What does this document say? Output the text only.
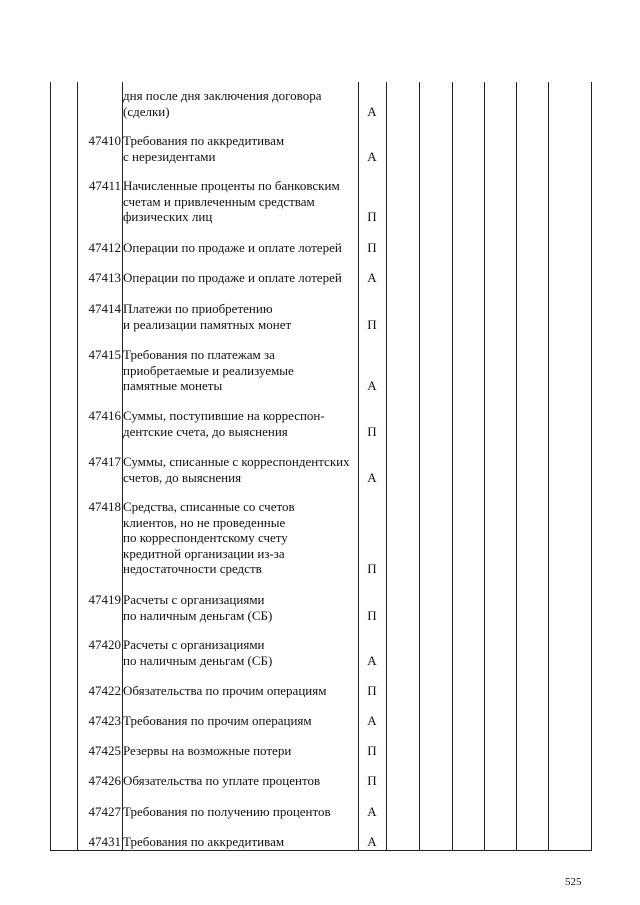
дня после дня заключения договора
(сделки)	А
47410 Требования по аккредитивам
с нерезидентами	А
47411 Начисленные проценты по банковским
счетам и привлеченным средствам
физических лиц	П
47412 Операции по продаже и оплате лотерей	П
47413 Операции по продаже и оплате лотерей	А
47414 Платежи по приобретению
и реализации памятных монет	П
47415 Требования по платежам за
приобретаемые и реализуемые
памятные монеты	А
47416 Суммы, поступившие на корреспон-
дентские счета, до выяснения	П
47417 Суммы, списанные с корреспондентских
счетов, до выяснения	А
47418 Средства, списанные со счетов
клиентов, но не проведенные
по корреспондентскому счету
кредитной организации из-за
недостаточности средств	П
47419 Расчеты с организациями
по наличным деньгам (СБ)	П
47420 Расчеты с организациями
по наличным деньгам (СБ)	А
47422 Обязательства по прочим операциям	П
47423 Требования по прочим операциям	А
47425 Резервы на возможные потери	П
47426 Обязательства по уплате процентов	П
47427 Требования по получению процентов	А
47431 Требования по аккредитивам	А
525
